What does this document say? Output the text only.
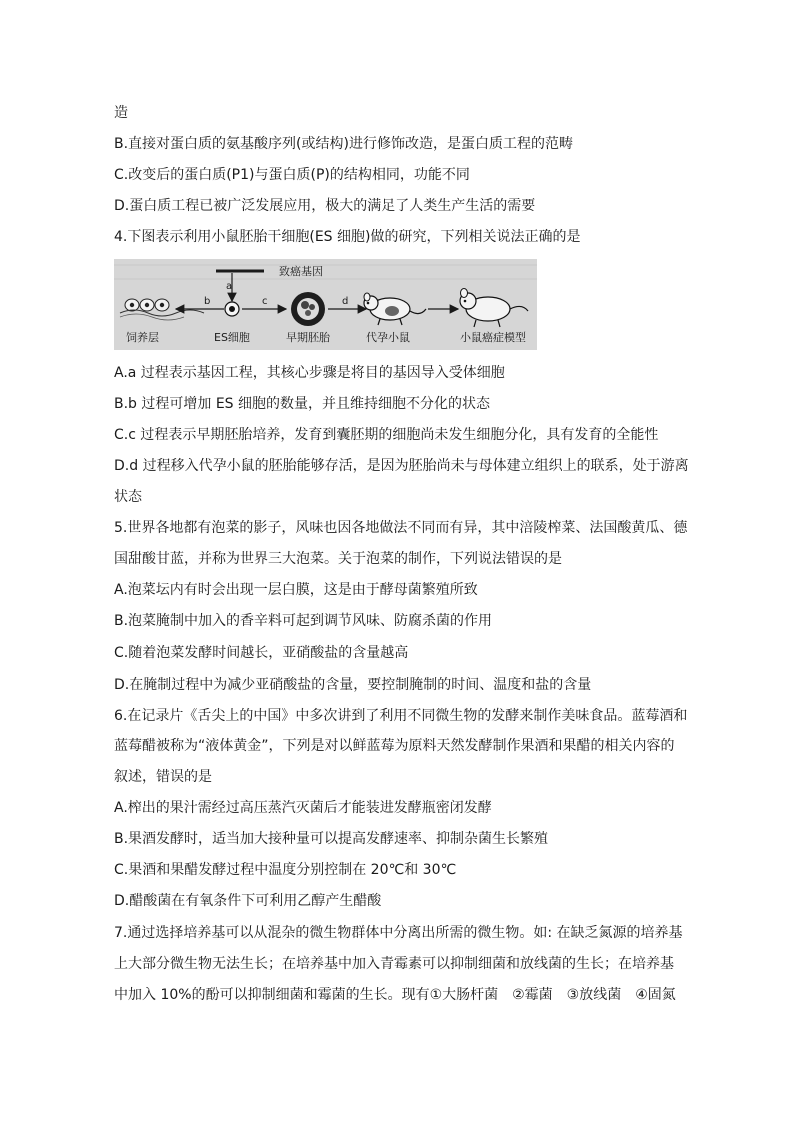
造
B.直接对蛋白质的氨基酸序列(或结构)进行修饰改造，是蛋白质工程的范畴
C.改变后的蛋白质(P1)与蛋白质(P)的结构相同，功能不同
D.蛋白质工程已被广泛发展应用，极大的满足了人类生产生活的需要
4.下图表示利用小鼠胚胎干细胞(ES 细胞)做的研究，下列相关说法正确的是
致癌基因
a
饲养层
b
ES细胞
c
早期胚胎
d
代孕小鼠	小鼠癌症模型
A.a 过程表示基因工程，其核心步骤是将目的基因导入受体细胞
B.b 过程可增加 ES 细胞的数量，并且维持细胞不分化的状态
C.c 过程表示早期胚胎培养，发育到囊胚期的细胞尚未发生细胞分化，具有发育的全能性
D.d 过程移入代孕小鼠的胚胎能够存活，是因为胚胎尚未与母体建立组织上的联系，处于游离
状态
5.世界各地都有泡菜的影子，风味也因各地做法不同而有异，其中涪陵榨菜、法国酸黄瓜、德
国甜酸甘蓝，并称为世界三大泡菜。关于泡菜的制作，下列说法错误的是
A.泡菜坛内有时会出现一层白膜，这是由于酵母菌繁殖所致
B.泡菜腌制中加入的香辛料可起到调节风味、防腐杀菌的作用
C.随着泡菜发酵时间越长，亚硝酸盐的含量越高
D.在腌制过程中为减少亚硝酸盐的含量，要控制腌制的时间、温度和盐的含量
6.在记录片《舌尖上的中国》中多次讲到了利用不同微生物的发酵来制作美味食品。蓝莓酒和
蓝莓醋被称为“液体黄金”，下列是对以鲜蓝莓为原料天然发酵制作果酒和果醋的相关内容的
叙述，错误的是
A.榨出的果汁需经过高压蒸汽灭菌后才能装进发酵瓶密闭发酵
B.果酒发酵时，适当加大接种量可以提高发酵速率、抑制杂菌生长繁殖
C.果酒和果醋发酵过程中温度分别控制在 20℃和 30℃
D.醋酸菌在有氧条件下可利用乙醇产生醋酸
7.通过选择培养基可以从混杂的微生物群体中分离出所需的微生物。如: 在缺乏氮源的培养基
上大部分微生物无法生长；在培养基中加入青霉素可以抑制细菌和放线菌的生长；在培养基
中加入 10%的酚可以抑制细菌和霉菌的生长。现有①大肠杆菌　②霉菌　③放线菌　④固氮
